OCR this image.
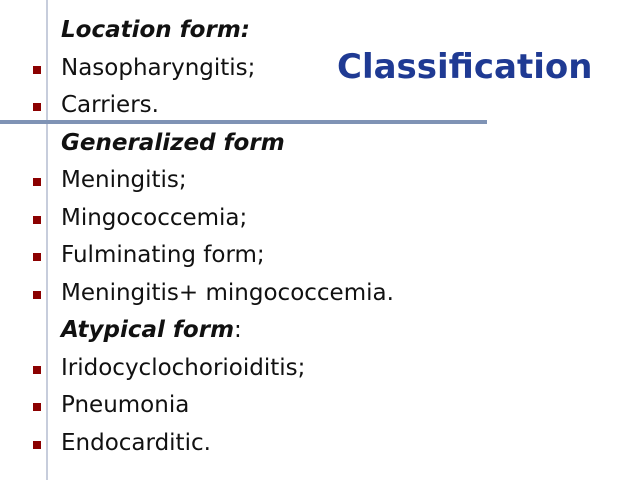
Classification
Location form:
Nasopharyngitis;
Carriers.
Generalized form
Meningitis;
Mingococcemia;
Fulminating form;
Meningitis+ mingococcemia.
Atypical form:
Iridocyclochorioiditis;
Pneumonia
Endocarditic.
